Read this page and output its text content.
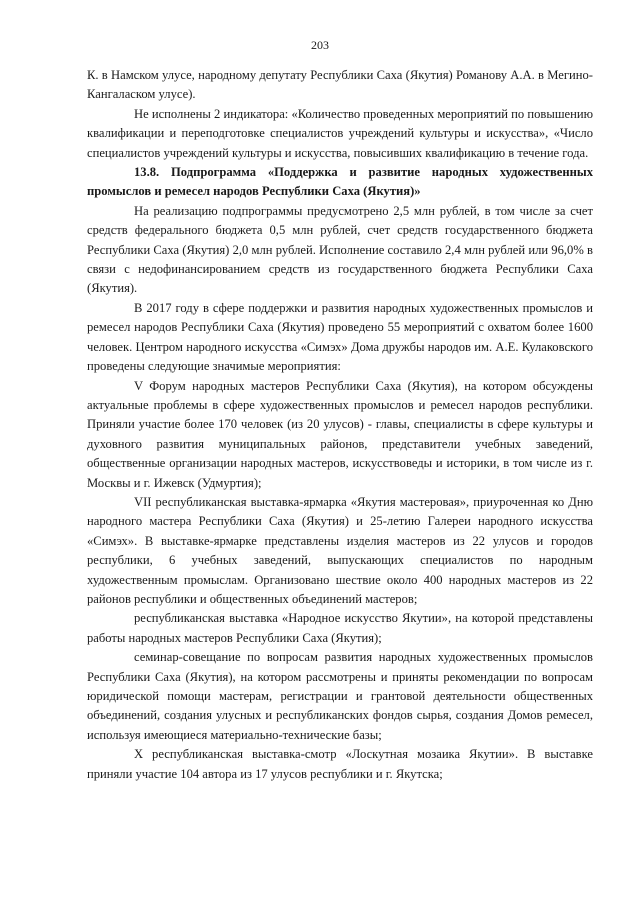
203

К. в Намском улусе, народному депутату Республики Саха (Якутия) Романову А.А. в Мегино-Кангаласком улусе).

Не исполнены 2 индикатора: «Количество проведенных мероприятий по повышению квалификации и переподготовке специалистов учреждений культуры и искусства», «Число специалистов учреждений культуры и искусства, повысивших квалификацию в течение года.

13.8. Подпрограмма «Поддержка и развитие народных художественных промыслов и ремесел народов Республики Саха (Якутия)»

На реализацию подпрограммы предусмотрено 2,5 млн рублей, в том числе за счет средств федерального бюджета 0,5 млн рублей, счет средств государственного бюджета Республики Саха (Якутия) 2,0 млн рублей. Исполнение составило 2,4 млн рублей или 96,0% в связи с недофинансированием средств из государственного бюджета Республики Саха (Якутия).

В 2017 году в сфере поддержки и развития народных художественных промыслов и ремесел народов Республики Саха (Якутия) проведено 55 мероприятий с охватом более 1600 человек. Центром народного искусства «Симэх» Дома дружбы народов им. А.Е. Кулаковского проведены следующие значимые мероприятия:

V Форум народных мастеров Республики Саха (Якутия), на котором обсуждены актуальные проблемы в сфере художественных промыслов и ремесел народов республики. Приняли участие более 170 человек (из 20 улусов) - главы, специалисты в сфере культуры и духовного развития муниципальных районов, представители учебных заведений, общественные организации народных мастеров, искусствоведы и историки, в том числе из г. Москвы и г. Ижевск (Удмуртия);

VII республиканская выставка-ярмарка «Якутия мастеровая», приуроченная ко Дню народного мастера Республики Саха (Якутия) и 25-летию Галереи народного искусства «Симэх». В выставке-ярмарке представлены изделия мастеров из 22 улусов и городов республики, 6 учебных заведений, выпускающих специалистов по народным художественным промыслам. Организовано шествие около 400 народных мастеров из 22 районов республики и общественных объединений мастеров;

республиканская выставка «Народное искусство Якутии», на которой представлены работы народных мастеров Республики Саха (Якутия);

семинар-совещание по вопросам развития народных художественных промыслов Республики Саха (Якутия), на котором рассмотрены и приняты рекомендации по вопросам юридической помощи мастерам, регистрации и грантовой деятельности общественных объединений, создания улусных и республиканских фондов сырья, создания Домов ремесел, используя имеющиеся материально-технические базы;

X республиканская выставка-смотр «Лоскутная мозаика Якутии». В выставке приняли участие 104 автора из 17 улусов республики и г. Якутска;
